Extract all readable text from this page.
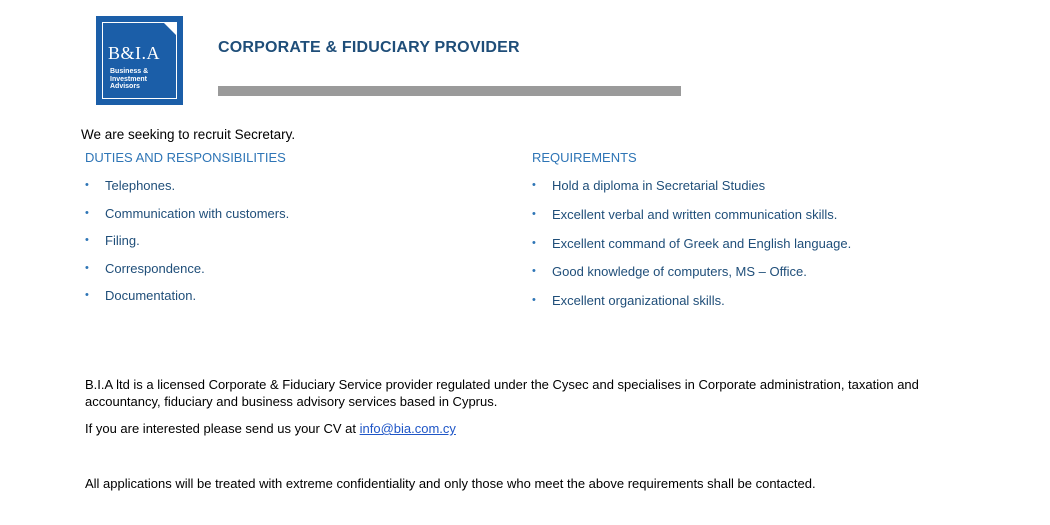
B&I.A
Business & Investment Advisors
CORPORATE & FIDUCIARY PROVIDER
We are seeking to recruit Secretary.
DUTIES AND RESPONSIBILITIES
• Telephones.
• Communication with customers.
• Filing.
• Correspondence.
• Documentation.
REQUIREMENTS
• Hold a diploma in Secretarial Studies
• Excellent verbal and written communication skills.
• Excellent command of Greek and English language.
• Good knowledge of computers, MS – Office.
• Excellent organizational skills.
B.I.A ltd is a licensed Corporate & Fiduciary Service provider regulated under the Cysec and specialises in Corporate administration, taxation and accountancy, fiduciary and business advisory services based in Cyprus.
If you are interested please send us your CV at info@bia.com.cy
All applications will be treated with extreme confidentiality and only those who meet the above requirements shall be contacted.
